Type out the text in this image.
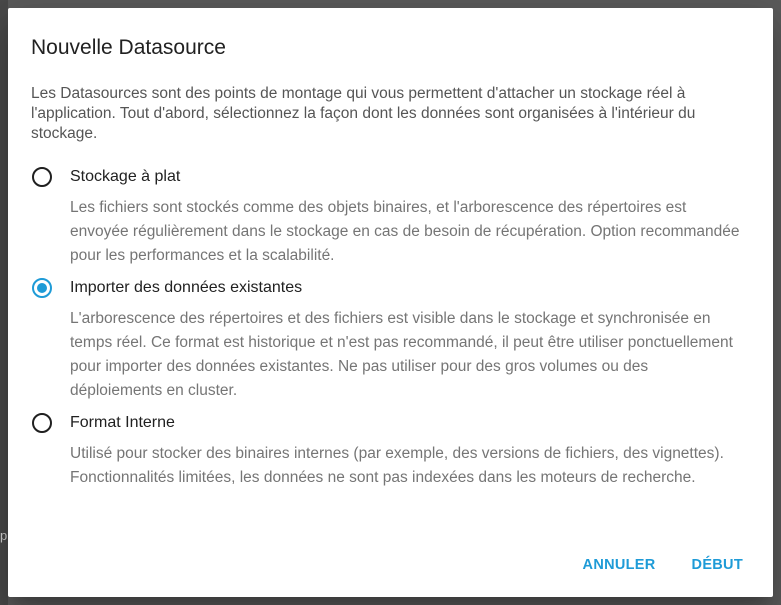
p
Nouvelle Datasource

Les Datasources sont des points de montage qui vous permettent d'attacher un stockage réel à l'application. Tout d'abord, sélectionnez la façon dont les données sont organisées à l'intérieur du stockage.

Stockage à plat
Les fichiers sont stockés comme des objets binaires, et l'arborescence des répertoires est envoyée régulièrement dans le stockage en cas de besoin de récupération. Option recommandée pour les performances et la scalabilité.
Importer des données existantes
L'arborescence des répertoires et des fichiers est visible dans le stockage et synchronisée en temps réel. Ce format est historique et n'est pas recommandé, il peut être utiliser ponctuellement pour importer des données existantes. Ne pas utiliser pour des gros volumes ou des déploiements en cluster.
Format Interne
Utilisé pour stocker des binaires internes (par exemple, des versions de fichiers, des vignettes). Fonctionnalités limitées, les données ne sont pas indexées dans les moteurs de recherche.
ANNULER	DÉBUT
